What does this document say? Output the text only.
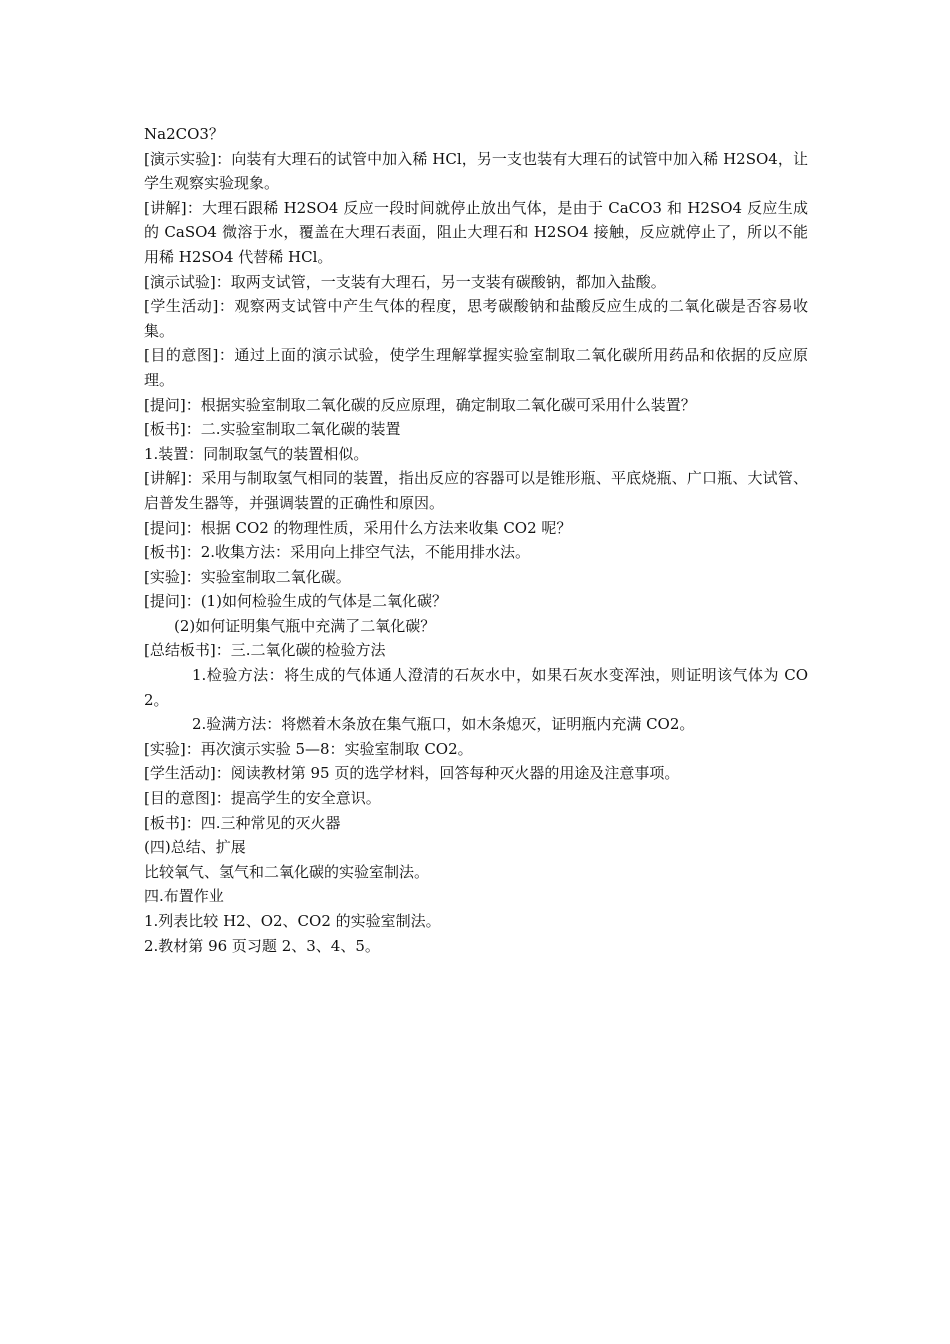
Na2CO3？

[演示实验]：向装有大理石的试管中加入稀 HCl，另一支也装有大理石的试管中加入稀 H2SO4，让学生观察实验现象。

[讲解]：大理石跟稀 H2SO4 反应一段时间就停止放出气体，是由于 CaCO3 和 H2SO4 反应生成的 CaSO4 微溶于水，覆盖在大理石表面，阻止大理石和 H2SO4 接触，反应就停止了，所以不能用稀 H2SO4 代替稀 HCl。

[演示试验]：取两支试管，一支装有大理石，另一支装有碳酸钠，都加入盐酸。

[学生活动]：观察两支试管中产生气体的程度，思考碳酸钠和盐酸反应生成的二氧化碳是否容易收集。

[目的意图]：通过上面的演示试验，使学生理解掌握实验室制取二氧化碳所用药品和依据的反应原理。

[提问]：根据实验室制取二氧化碳的反应原理，确定制取二氧化碳可采用什么装置？

[板书]：二.实验室制取二氧化碳的装置

1.装置：同制取氢气的装置相似。

[讲解]：采用与制取氢气相同的装置，指出反应的容器可以是锥形瓶、平底烧瓶、广口瓶、大试管、启普发生器等，并强调装置的正确性和原因。

[提问]：根据 CO2 的物理性质，采用什么方法来收集 CO2 呢？

[板书]：2.收集方法：采用向上排空气法，不能用排水法。

[实验]：实验室制取二氧化碳。

[提问]：(1)如何检验生成的气体是二氧化碳？

(2)如何证明集气瓶中充满了二氧化碳？

[总结板书]：三.二氧化碳的检验方法

1.检验方法：将生成的气体通人澄清的石灰水中，如果石灰水变浑浊，则证明该气体为 CO2。

2.验满方法：将燃着木条放在集气瓶口，如木条熄灭，证明瓶内充满 CO2。

[实验]：再次演示实验 5—8：实验室制取 CO2。

[学生活动]：阅读教材第 95 页的选学材料，回答每种灭火器的用途及注意事项。

[目的意图]：提高学生的安全意识。

[板书]：四.三种常见的灭火器

(四)总结、扩展

比较氧气、氢气和二氧化碳的实验室制法。

四.布置作业

1.列表比较 H2、O2、CO2 的实验室制法。

2.教材第 96 页习题 2、3、4、5。
